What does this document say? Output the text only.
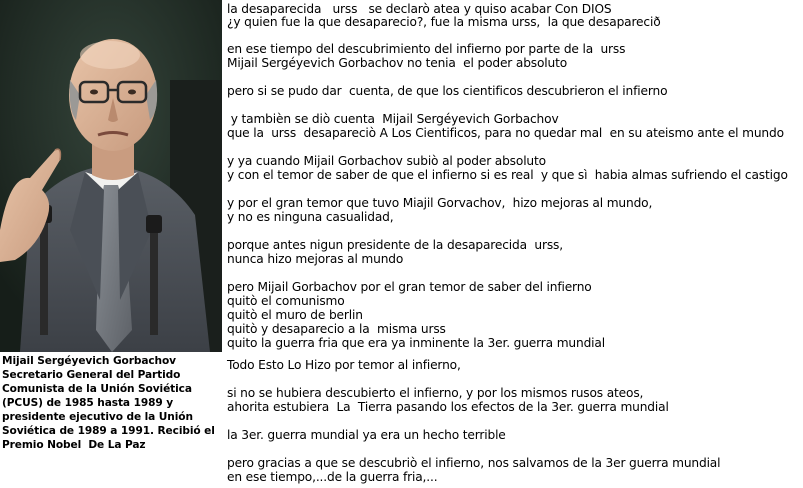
Mijail Sergéyevich Gorbachov
Secretario General del Partido
Comunista de la Unión Soviética
(PCUS) de 1985 hasta 1989 y
presidente ejecutivo de la Unión
Soviética de 1989 a 1991. Recibió el
Premio Nobel  De La Paz
la desaparecida   urss   se declarò atea y quiso acabar Con DIOS
¿y quien fue la que desaparecio?, fue la misma urss,  la que desaparecið
en ese tiempo del descubrimiento del infierno por parte de la  urss
Mijail Sergéyevich Gorbachov no tenia  el poder absoluto
pero si se pudo dar  cuenta, de que los cientificos descubrieron el infierno
y tambièn se diò cuenta  Mijail Sergéyevich Gorbachov
que la  urss  desapareciò A Los Cientificos, para no quedar mal  en su ateismo ante el mundo
y ya cuando Mijail Gorbachov subiò al poder absoluto
y con el temor de saber de que el infierno si es real  y que sì  habia almas sufriendo el castigo
y por el gran temor que tuvo Miajil Gorvachov,  hizo mejoras al mundo,
y no es ninguna casualidad,
porque antes nigun presidente de la desaparecida  urss,
nunca hizo mejoras al mundo
pero Mijail Gorbachov por el gran temor de saber del infierno
quitò el comunismo
quitò el muro de berlin
quitò y desaparecio a la  misma urss
quito la guerra fria que era ya inminente la 3er. guerra mundial
Todo Esto Lo Hizo por temor al infierno,
si no se hubiera descubierto el infierno, y por los mismos rusos ateos,
ahorita estubiera  La  Tierra pasando los efectos de la 3er. guerra mundial
la 3er. guerra mundial ya era un hecho terrible
pero gracias a que se descubriò el infierno, nos salvamos de la 3er guerra mundial
en ese tiempo,...de la guerra fria,...
